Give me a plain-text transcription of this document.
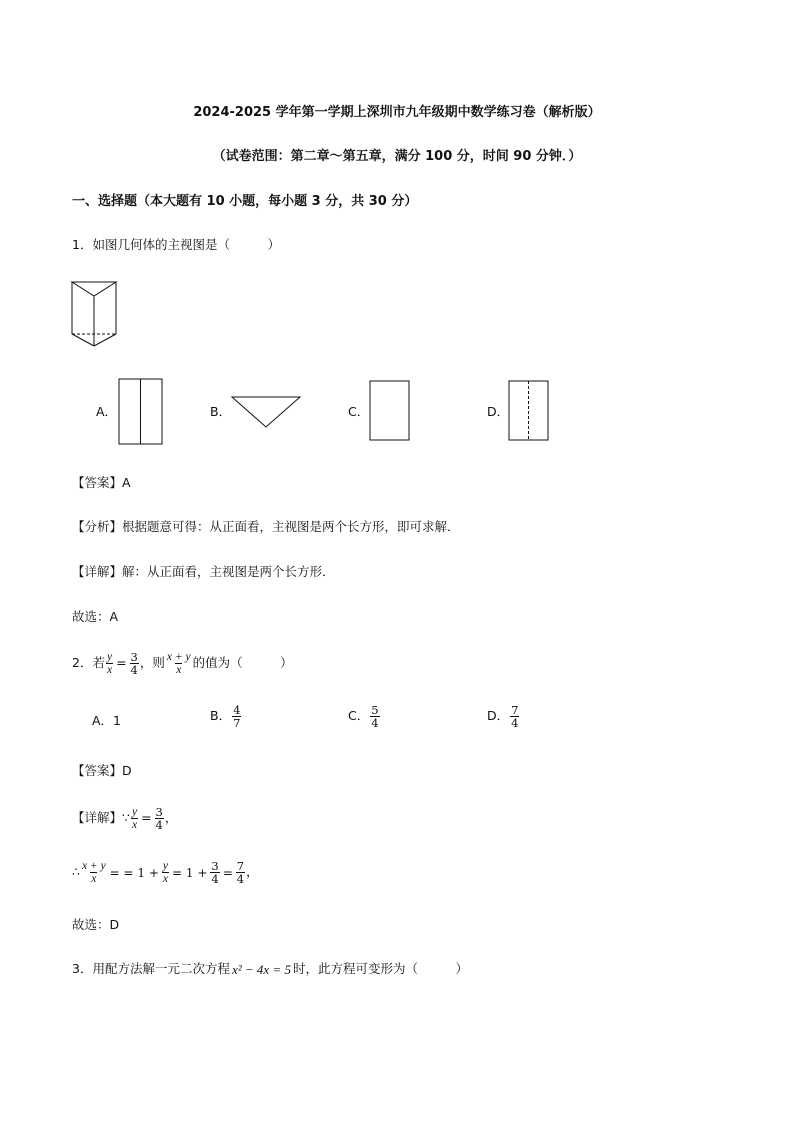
2024-2025 学年第一学期上深圳市九年级期中数学练习卷（解析版）
（试卷范围：第二章～第五章，满分 100 分，时间 90 分钟．）
一、选择题（本大题有 10 小题，每小题 3 分，共 30 分）
1．如图几何体的主视图是（　　　）
A．	B．	C．	D．
【答案】A
【分析】根据题意可得：从正面看，主视图是两个长方形，即可求解．
【详解】解：从正面看，主视图是两个长方形．
故选：A
2．若 $\frac{y}{x} = \frac{3}{4}$ ，则 $\frac{x + y}{x}$ 的值为（　　　）
A．1	B． $\frac{4}{7}$	C． $\frac{5}{4}$	D． $\frac{7}{4}$
【答案】D
【详解】∵ $\frac{y}{x} = \frac{3}{4}$ ，
∴ $\frac{x + y}{x}$ = = $1 + \frac{y}{x} = 1 + \frac{3}{4} = \frac{7}{4}$ ，
故选：D
3．用配方法解一元二次方程 x² − 4x = 5 时，此方程可变形为（　　　）
